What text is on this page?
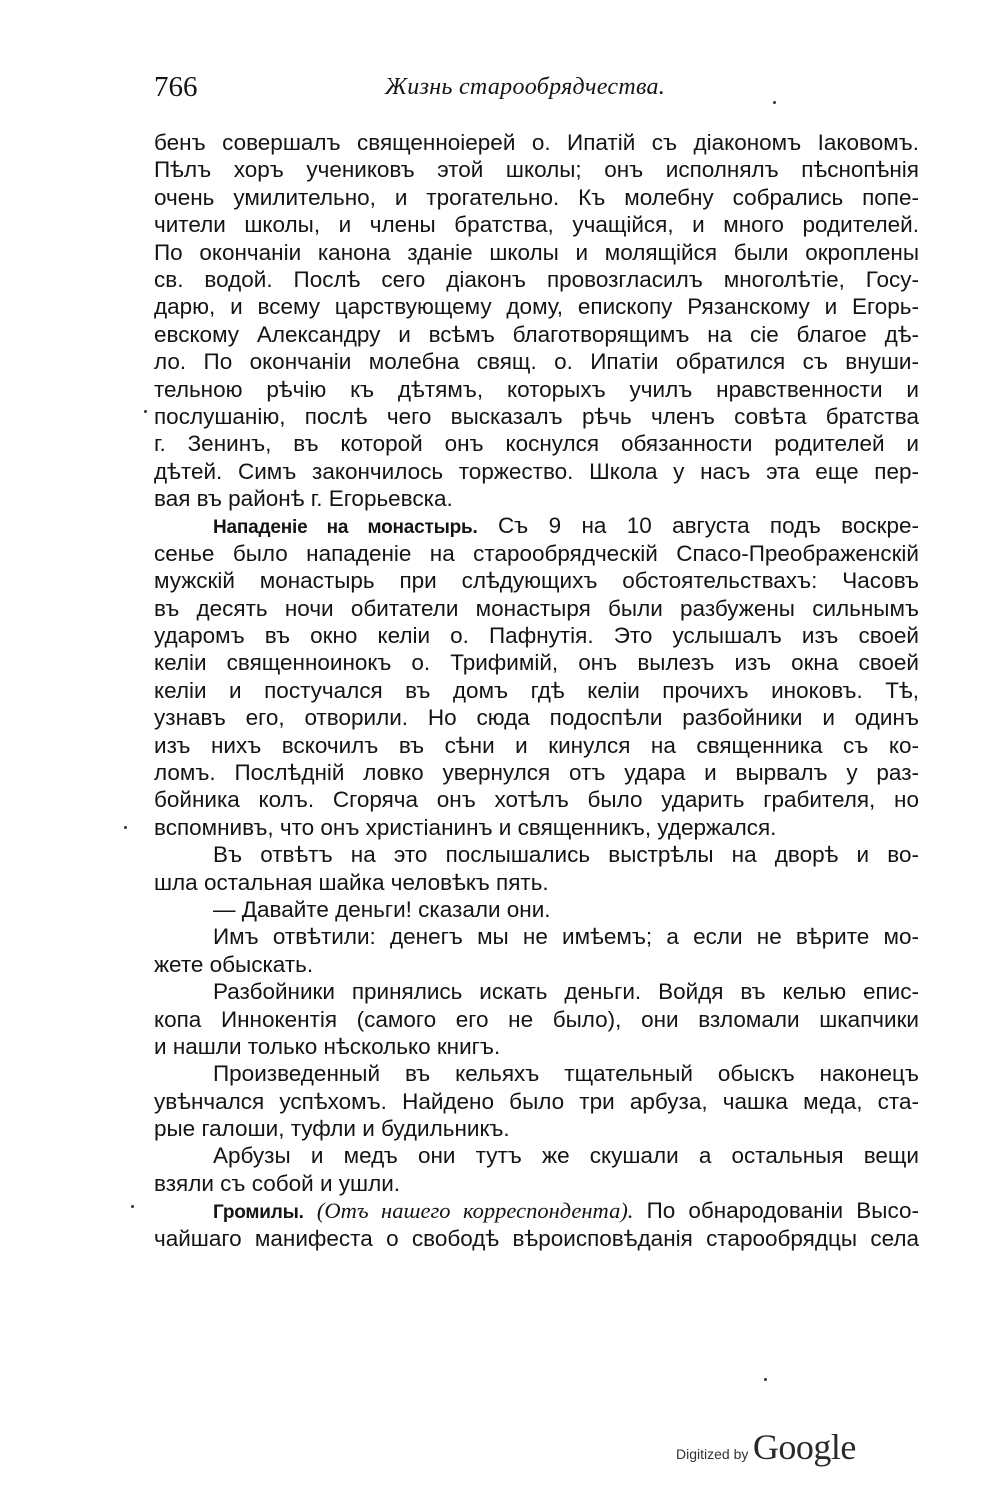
766	Жизнь старообрядчества.
бенъ совершалъ священноіерей о. Ипатій съ діакономъ Іаковомъ.
Пѣлъ хоръ учениковъ этой школы; онъ исполнялъ пѣснопѣнія
очень умилительно, и трогательно. Къ молебну собрались попе-
чители школы, и члены братства, учащійся, и много родителей.
По окончаніи канона зданіе школы и молящійся были окроплены
св. водой. Послѣ сего діаконъ провозгласилъ многолѣтіе, Госу-
дарю, и всему царствующему дому, епископу Рязанскому и Егорь-
евскому Александру и всѣмъ благотворящимъ на сіе благое дѣ-
ло. По окончаніи молебна свящ. о. Ипатіи обратился съ внуши-
тельною рѣчію къ дѣтямъ, которыхъ училъ нравственности и
послушанію, послѣ чего высказалъ рѣчь членъ совѣта братства
г. Зенинъ, въ которой онъ коснулся обязанности родителей и
дѣтей. Симъ закончилось торжество. Школа у насъ эта еще пер-
вая въ районѣ г. Егорьевска.
Нападеніе на монастырь. Съ 9 на 10 августа подъ воскре-
сенье было нападеніе на старообрядческій Спасо-Преображенскій
мужскій монастырь при слѣдующихъ обстоятельствахъ: Часовъ
въ десять ночи обитатели монастыря были разбужены сильнымъ
ударомъ въ окно келіи о. Пафнутія. Это услышалъ изъ своей
келіи священноинокъ о. Трифимій, онъ вылезъ изъ окна своей
келіи и постучался въ домъ гдѣ келіи прочихъ иноковъ. Тѣ,
узнавъ его, отворили. Но сюда подоспѣли разбойники и одинъ
изъ нихъ вскочилъ въ сѣни и кинулся на священника съ ко-
ломъ. Послѣдній ловко увернулся отъ удара и вырвалъ у раз-
бойника колъ. Сгоряча онъ хотѣлъ было ударить грабителя, но
вспомнивъ, что онъ христіанинъ и священникъ, удержался.
Въ отвѣтъ на это послышались выстрѣлы на дворѣ и во-
шла остальная шайка человѣкъ пять.
— Давайте деньги! сказали они.
Имъ отвѣтили: денегъ мы не имѣемъ; а если не вѣрите мо-
жете обыскать.
Разбойники принялись искать деньги. Войдя въ келью епис-
копа Иннокентія (самого его не было), они взломали шкапчики
и нашли только нѣсколько книгъ.
Произведенный въ кельяхъ тщательный обыскъ наконецъ
увѣнчался успѣхомъ. Найдено было три арбуза, чашка меда, ста-
рые галоши, туфли и будильникъ.
Арбузы и медъ они тутъ же скушали а остальныя вещи
взяли съ собой и ушли.
Громилы. (Отъ нашего корреспондента). По обнародованіи Высо-
чайшаго манифеста о свободѣ вѣроисповѣданія старообрядцы села
Digitized by Google
